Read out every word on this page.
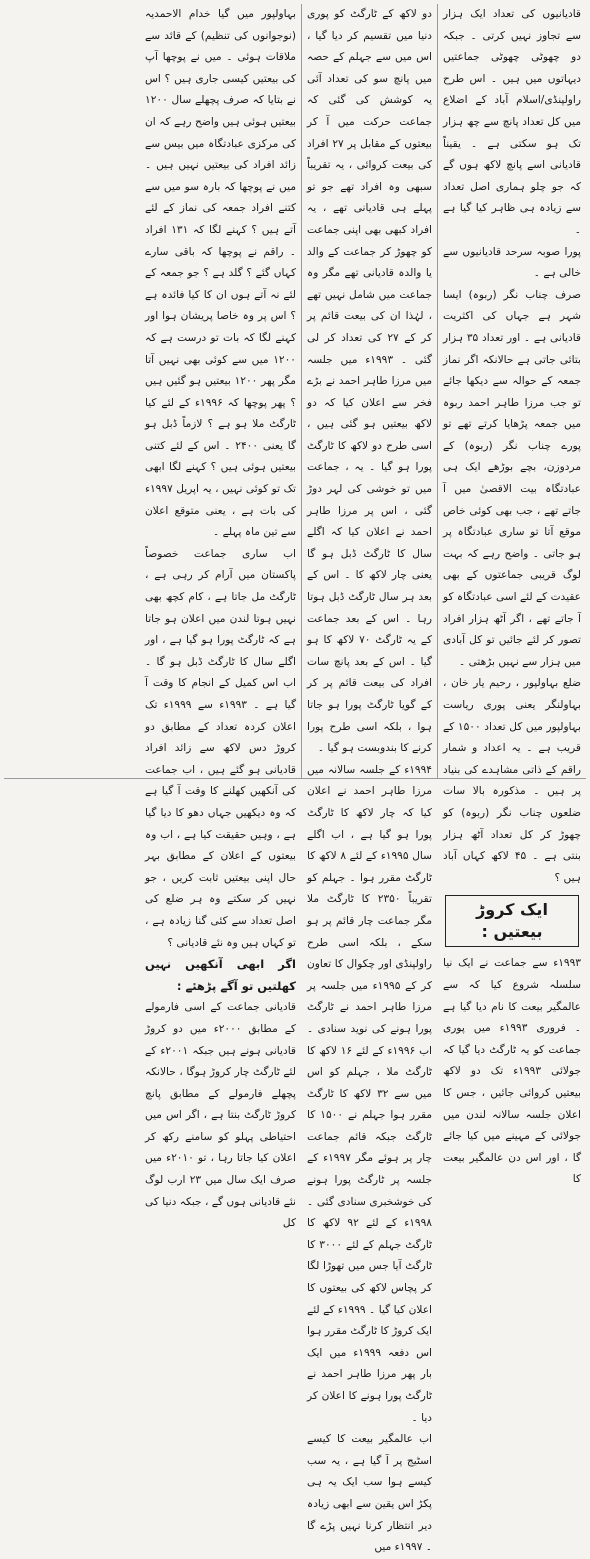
قادیانیوں کی تعداد ایک ہزار سے تجاوز نہیں کرتی ۔ جبکہ دو چھوٹی چھوٹی جماعتیں دیہاتوں میں ہیں ۔ اس طرح راولپنڈی/اسلام آباد کے اضلاع میں کل تعداد پانچ سے چھ ہزار تک ہو سکتی ہے ۔ یقیناً قادیانی اسے پانچ لاکھ ہوں گے کہ جو چلو ہماری اصل تعداد سے زیادہ ہی ظاہر کیا گیا ہے ۔

پورا صوبہ سرحد قادیانیوں سے خالی ہے ۔

صرف چناب نگر (ربوہ) ایسا شہر ہے جہاں کی اکثریت قادیانی ہے ۔ اور تعداد ۳۵ ہزار بتائی جاتی ہے حالانکہ اگر نماز جمعہ کے حوالہ سے دیکھا جائے تو جب مرزا طاہر احمد ربوہ میں جمعہ پڑھایا کرتے تھے تو پورے چناب نگر (ربوہ) کے مردوزن، بچے بوڑھے ایک ہی عبادتگاہ بیت الاقصیٰ میں آ جاتے تھے ، جب بھی کوئی خاص موقع آتا تو ساری عبادتگاہ پر ہو جاتی ۔ واضح رہے کہ بہت لوگ قریبی جماعتوں کے بھی عقیدت کے لئے اسی عبادتگاہ کو آ جاتے تھے ، اگر آٹھ ہزار افراد تصور کر لئے جائیں تو کل آبادی میں ہزار سے نہیں بڑھتی ۔

ضلع بہاولپور ، رحیم یار خان ، بہاولنگر یعنی پوری ریاست بہاولپور میں کل تعداد ۱۵۰۰ کے قریب ہے ۔ یہ اعداد و شمار راقم کے ذاتی مشاہدے کی بنیاد پر ہیں ۔ مذکورہ بالا سات ضلعوں چناب نگر (ربوہ) کو چھوڑ کر کل تعداد آٹھ ہزار بنتی ہے ۔ ۴۵ لاکھ کہاں آباد ہیں ؟

ایک کروڑ بیعتیں :

۱۹۹۳ء سے جماعت نے ایک نیا سلسلہ شروع کیا کہ سے عالمگیر بیعت کا نام دیا گیا ہے ۔ فروری ۱۹۹۳ء میں پوری جماعت کو یہ ٹارگٹ دیا گیا کہ جولائی ۱۹۹۳ء تک دو لاکھ بیعتیں کروائی جائیں ، جس کا اعلان جلسہ سالانہ لندن میں جولائی کے مہینے میں کیا جائے گا ، اور اس دن عالمگیر بیعت کا

دو لاکھ کے ٹارگٹ کو پوری دنیا میں تقسیم کر دیا گیا ، اس میں سے جہلم کے حصہ میں پانچ سو کی تعداد آئی یہ کوشش کی گئی کہ جماعت حرکت میں آ کر بیعتوں کے مقابل پر ۲۷ افراد کی بیعت کروائی ، یہ تقریباً سبھی وہ افراد تھے جو تو پہلے ہی قادیانی تھے ، یہ افراد کبھی بھی اپنی جماعت کو چھوڑ کر جماعت کے والد یا والدہ قادیانی تھے مگر وہ جماعت میں شامل نہیں تھے ، لہٰذا ان کی بیعت قائم پر کر کے ۲۷ کی تعداد کر لی گئی ۔ ۱۹۹۳ء میں جلسہ میں مرزا طاہر احمد نے بڑے فخر سے اعلان کیا کہ دو لاکھ بیعتیں ہو گئی ہیں ، اسی طرح دو لاکھ کا ٹارگٹ پورا ہو گیا ۔ یہ ، جماعت میں تو خوشی کی لہر دوڑ گئی ، اس پر مرزا طاہر احمد نے اعلان کیا کہ اگلے سال کا ٹارگٹ ڈبل ہو گا یعنی چار لاکھ کا ۔ اس کے بعد ہر سال ٹارگٹ ڈبل ہوتا رہا ۔ اس کے بعد جماعت کے یہ ٹارگٹ ۷۰ لاکھ کا ہو گیا ۔ اس کے بعد پانچ سات افراد کی بیعت قائم پر کر کے گویا ٹارگٹ پورا ہو جاتا ہوا ، بلکہ اسی طرح پورا کرنے کا بندوبست ہو گیا ۔

۱۹۹۴ء کے جلسہ سالانہ میں مرزا طاہر احمد نے اعلان کیا کہ چار لاکھ کا ٹارگٹ پورا ہو گیا ہے ، اب اگلے سال ۱۹۹۵ء کے لئے ۸ لاکھ کا ٹارگٹ مقرر ہوا ۔ جہلم کو تقریباً ۲۳۵۰ کا ٹارگٹ ملا مگر جماعت چار قائم پر ہو سکے ، بلکہ اسی طرح راولپنڈی اور چکوال کا تعاون کر کے ۱۹۹۵ء میں جلسہ پر مرزا طاہر احمد نے ٹارگٹ پورا ہونے کی نوید سنادی ۔ اب ۱۹۹۶ء کے لئے ۱۶ لاکھ کا ٹارگٹ ملا ، جہلم کو اس میں سے ۳۲ لاکھ کا ٹارگٹ مقرر ہوا جہلم نے ۱۵۰۰ کا ٹارگٹ جبکہ قائم جماعت چار پر ہوئے مگر ۱۹۹۷ء کے جلسہ پر ٹارگٹ پورا ہونے کی خوشخبری سنادی گئی ۔ ۱۹۹۸ء کے لئے ۹۲ لاکھ کا ٹارگٹ جہلم کے لئے ۳۰۰۰ کا ٹارگٹ آیا جس میں تھوڑا لگا کر پچاس لاکھ کی بیعتوں کا اعلان کیا گیا ۔ ۱۹۹۹ء کے لئے ایک کروڑ کا ٹارگٹ مقرر ہوا اس دفعہ ۱۹۹۹ء میں ایک بار پھر مرزا طاہر احمد نے ٹارگٹ پورا ہونے کا اعلان کر دیا ۔

اب عالمگیر بیعت کا کیسے اسٹیج پر آ گیا ہے ، یہ سب کیسے ہوا سب ایک یہ ہی پکڑ اس یقین سے ابھی زیادہ دیر انتظار کرنا نہیں پڑے گا ۔ ۱۹۹۷ء میں

بہاولپور میں گیا خدام الاحمدیہ (نوجوانوں کی تنظیم) کے قائد سے ملاقات ہوئی ۔ میں نے پوچھا آپ کی بیعتیں کیسی جاری ہیں ؟ اس نے بتایا کہ صرف پچھلے سال ۱۲۰۰ بیعتیں ہوئی ہیں واضح رہے کہ ان کی مرکزی عبادتگاہ میں بیس سے زائد افراد کی بیعتیں نہیں ہیں ۔ میں نے پوچھا کہ بارہ سو میں سے کتنے افراد جمعہ کی نماز کے لئے آتے ہیں ؟ کہنے لگا کہ ۱۳۱ افراد ۔ راقم نے پوچھا کہ باقی سارے کہاں گئے ؟ گلد ہے ؟ جو جمعہ کے لئے نہ آتے ہوں ان کا کیا فائدہ ہے ؟ اس پر وہ خاصا پریشان ہوا اور کہنے لگا کہ بات تو درست ہے کہ ۱۲۰۰ میں سے کوئی بھی نہیں آتا مگر پھر ۱۲۰۰ بیعتیں ہو گئیں ہیں ؟ پھر پوچھا کہ ۱۹۹۶ء کے لئے کیا ٹارگٹ ملا ہو ہے ؟ لازماً ڈبل ہو گا یعنی ۲۴۰۰ ۔ اس کے لئے کتنی بیعتیں ہوئی ہیں ؟ کہنے لگا ابھی تک تو کوئی نہیں ، یہ اپریل ۱۹۹۷ء کی بات ہے ، یعنی متوقع اعلان سے تین ماہ پہلے ۔

اب ساری جماعت خصوصاً پاکستان میں آرام کر رہی ہے ، ٹارگٹ مل جاتا ہے ، کام کچھ بھی نہیں ہوتا لندن میں اعلان ہو جاتا ہے کہ ٹارگٹ پورا ہو گیا ہے ، اور اگلے سال کا ٹارگٹ ڈبل ہو گا ۔ اب اس کمیل کے انجام کا وقت آ گیا ہے ۔ ۱۹۹۳ء سے ۱۹۹۹ء تک اعلان کردہ تعداد کے مطابق دو کروڑ دس لاکھ سے زائد افراد قادیانی ہو گئے ہیں ، اب جماعت کی آنکھیں کھلنے کا وقت آ گیا ہے کہ وہ دیکھیں جہاں دھو کا دیا گیا ہے ، وہیں حقیقت کیا ہے ، اب وہ بیعتوں کے اعلان کے مطابق بہر حال اپنی بیعتیں ثابت کریں ، جو نہیں کر سکتے وہ ہر ضلع کی اصل تعداد سے کئی گنا زیادہ ہے ، تو کہاں ہیں وہ نئے قادیانی ؟

اگر ابھی آنکھیں نہیں کھلتیں تو آگے پڑھئے :

قادیانی جماعت کے اسی فارمولے کے مطابق ۲۰۰۰ء میں دو کروڑ قادیانی ہونے ہیں جبکہ ۲۰۰۱ء کے لئے ٹارگٹ چار کروڑ ہوگا ، حالانکہ پچھلے فارمولے کے مطابق پانچ کروڑ ٹارگٹ بنتا ہے ، اگر اس میں احتیاطی پہلو کو سامنے رکھ کر اعلان کیا جاتا رہا ، تو ۲۰۱۰ء میں صرف ایک سال میں ۲۳ ارب لوگ نئے قادیانی ہوں گے ، جبکہ دنیا کی کل
